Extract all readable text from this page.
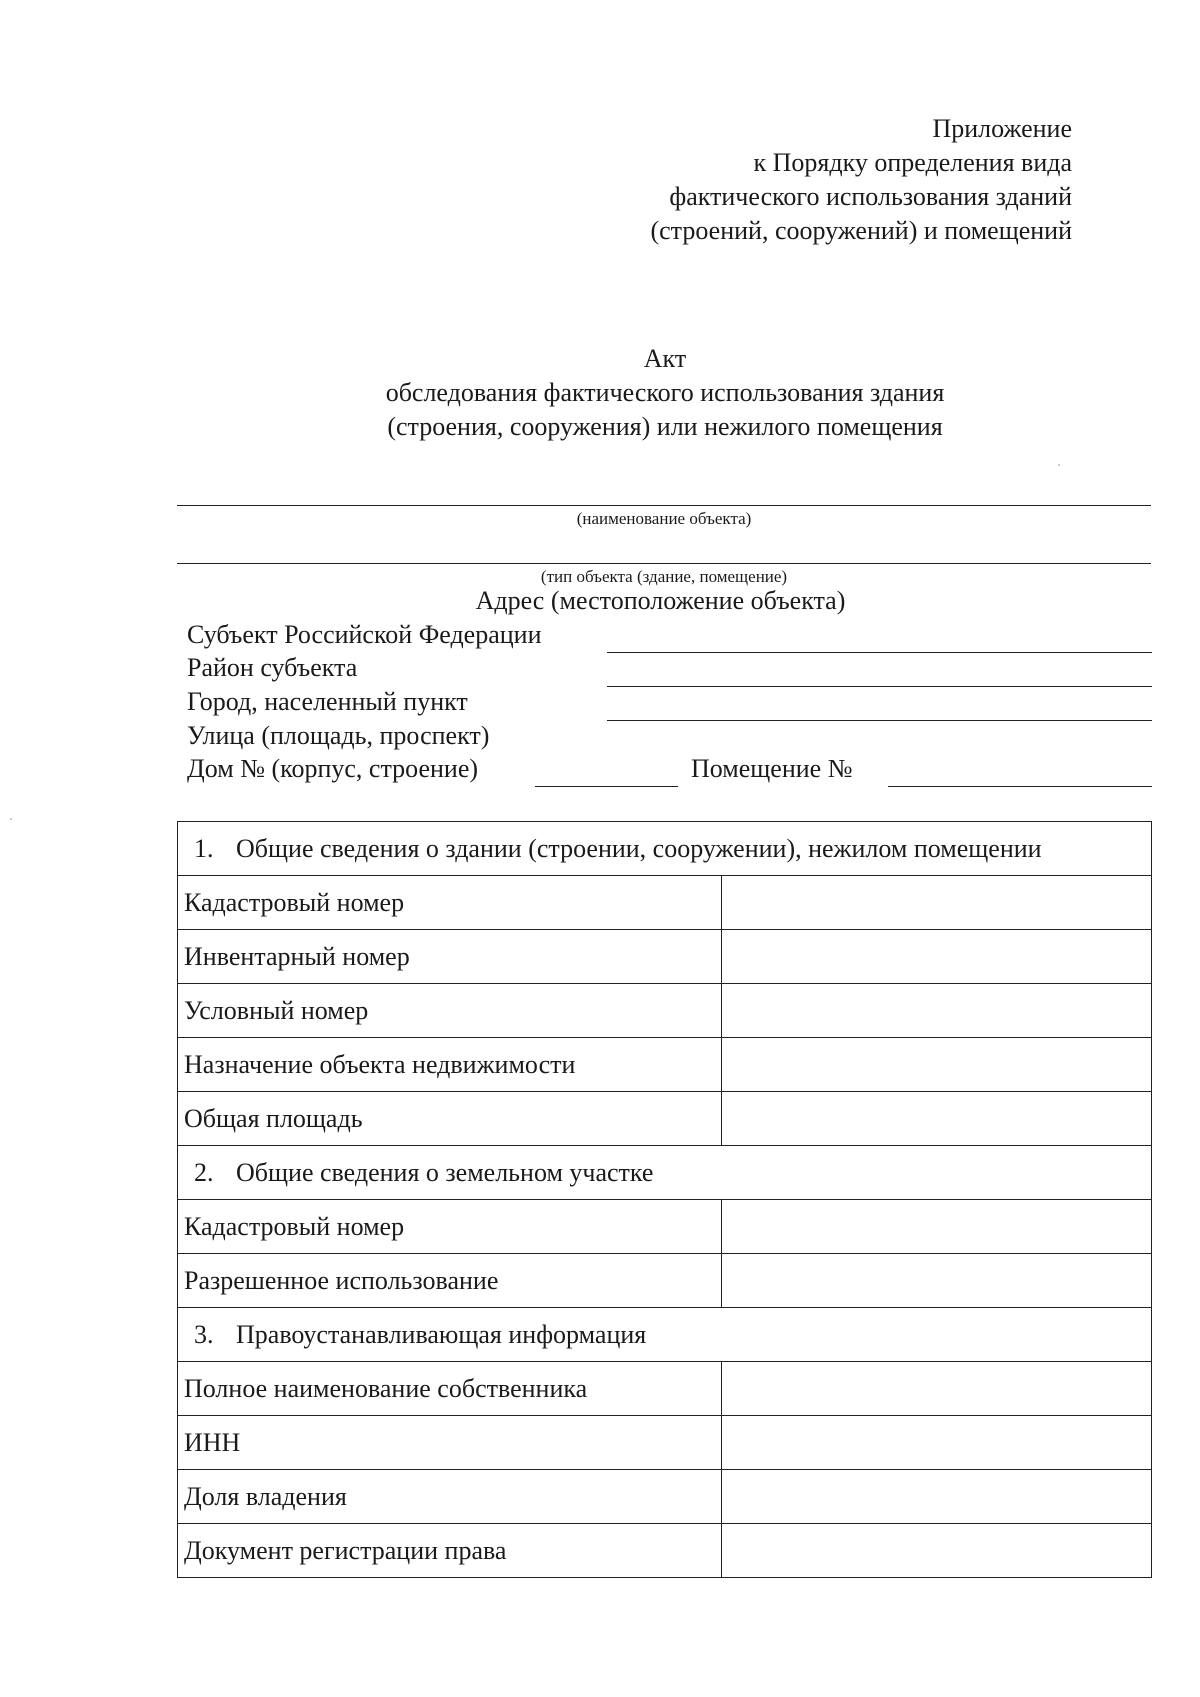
Приложение
к Порядку определения вида
фактического использования зданий
(строений, сооружений) и помещений
Акт
обследования фактического использования здания
(строения, сооружения) или нежилого помещения
(наименование объекта)
(тип объекта (здание, помещение)
Адрес (местоположение объекта)
Субъект Российской Федерации
Район субъекта
Город, населенный пункт
Улица (площадь, проспект)
Дом № (корпус, строение)	Помещение №
1. Общие сведения о здании (строении, сооружении), нежилом помещении	
Кадастровый номер	
Инвентарный номер	
Условный номер	
Назначение объекта недвижимости	
Общая площадь	
2. Общие сведения о земельном участке	
Кадастровый номер	
Разрешенное использование	
3. Правоустанавливающая информация	
Полное наименование собственника	
ИНН	
Доля владения	
Документ регистрации права	
